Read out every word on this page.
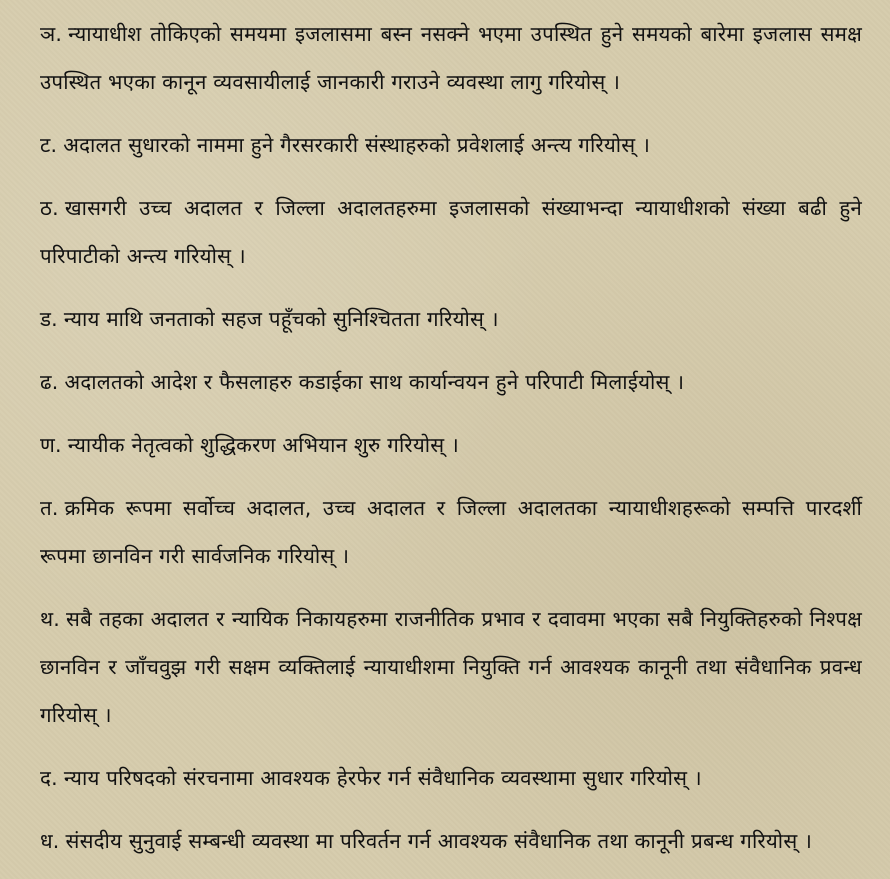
ञ. न्यायाधीश तोकिएको समयमा इजलासमा बस्न नसक्ने भएमा उपस्थित हुने समयको बारेमा इजलास समक्ष उपस्थित भएका कानून व्यवसायीलाई जानकारी गराउने व्यवस्था लागु गरियोस् ।

ट. अदालत सुधारको नाममा हुने गैरसरकारी संस्थाहरुको प्रवेशलाई अन्त्य गरियोस् ।

ठ. खासगरी उच्च अदालत र जिल्ला अदालतहरुमा इजलासको संख्याभन्दा न्यायाधीशको संख्या बढी हुने परिपाटीको अन्त्य गरियोस् ।

ड. न्याय माथि जनताको सहज पहूँचको सुनिश्चितता गरियोस् ।

ढ. अदालतको आदेश र फैसलाहरु कडाईका साथ कार्यान्वयन हुने परिपाटी मिलाईयोस् ।

ण. न्यायीक नेतृत्वको शुद्धिकरण अभियान शुरु गरियोस् ।

त. क्रमिक रूपमा सर्वोच्च अदालत, उच्च अदालत र जिल्ला अदालतका न्यायाधीशहरूको सम्पत्ति पारदर्शी रूपमा छानविन गरी सार्वजनिक गरियोस् ।

थ. सबै तहका अदालत र न्यायिक निकायहरुमा राजनीतिक प्रभाव र दवावमा भएका सबै नियुक्तिहरुको निश्पक्ष छानविन र जाँचवुझ गरी सक्षम व्यक्तिलाई न्यायाधीशमा नियुक्ति गर्न आवश्यक कानूनी तथा संवैधानिक प्रवन्ध गरियोस् ।

द. न्याय परिषदको संरचनामा आवश्यक हेरफेर गर्न संवैधानिक व्यवस्थामा सुधार गरियोस् ।

ध. संसदीय सुनुवाई सम्बन्धी व्यवस्था मा परिवर्तन गर्न आवश्यक संवैधानिक तथा कानूनी प्रबन्ध गरियोस् ।
